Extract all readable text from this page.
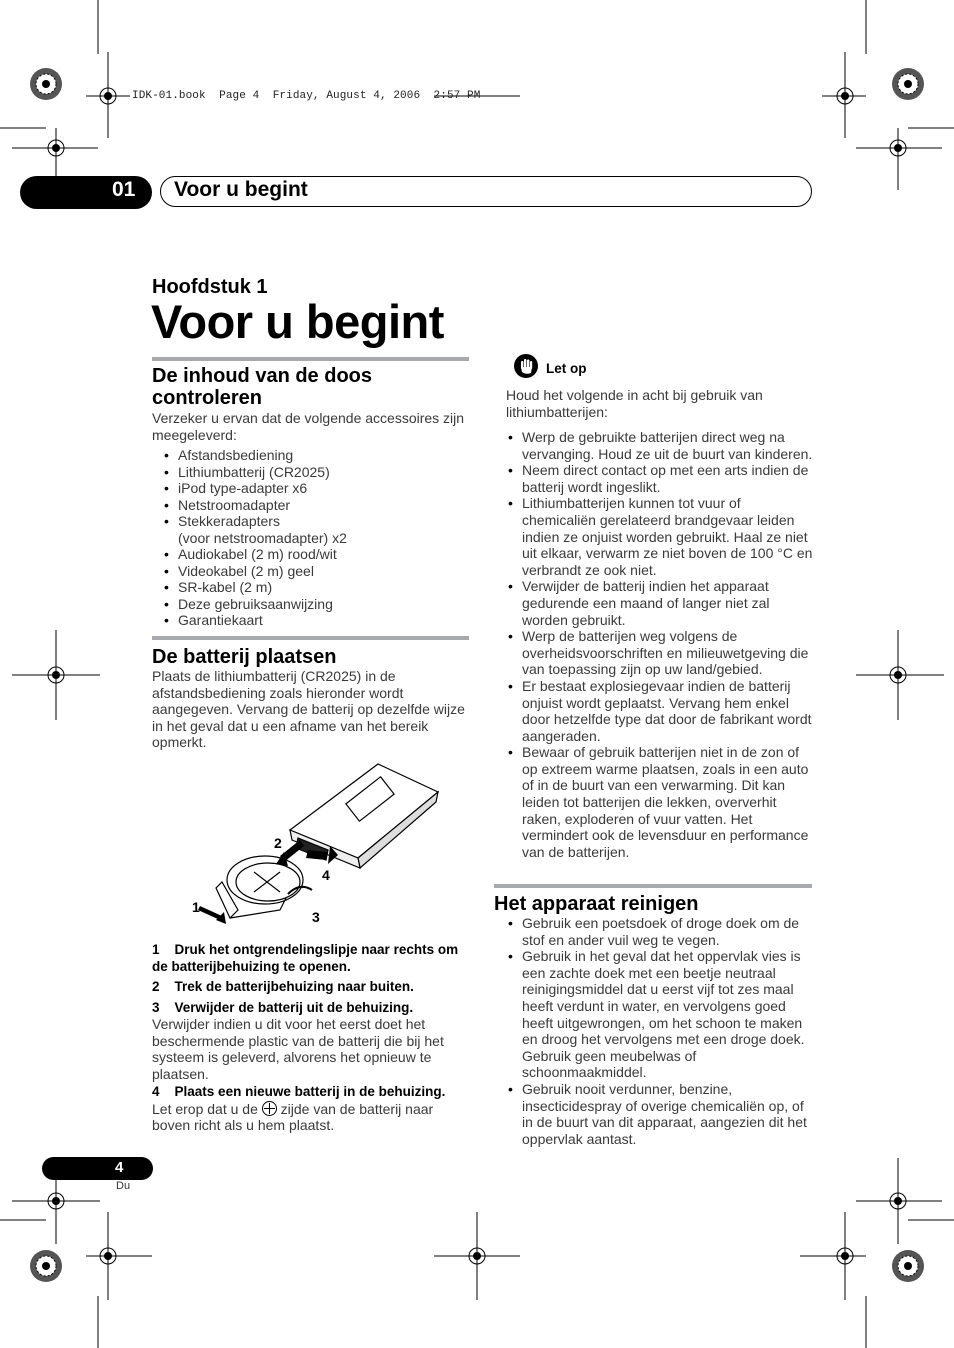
IDK-01.book  Page 4  Friday, August 4, 2006  2:57 PM
01 Voor u begint
Hoofdstuk 1
Voor u begint
De inhoud van de doos controleren
Verzeker u ervan dat de volgende accessoires zijn meegeleverd:
• Afstandsbediening
• Lithiumbatterij (CR2025)
• iPod type-adapter x6
• Netstroomadapter
• Stekkeradapters
(voor netstroomadapter) x2
• Audiokabel (2 m) rood/wit
• Videokabel (2 m) geel
• SR-kabel (2 m)
• Deze gebruiksaanwijzing
• Garantiekaart
De batterij plaatsen
Plaats de lithiumbatterij (CR2025) in de afstandsbediening zoals hieronder wordt aangegeven. Vervang de batterij op dezelfde wijze in het geval dat u een afname van het bereik opmerkt.
2
4
1
3
1 Druk het ontgrendelingslipje naar rechts om de batterijbehuizing te openen.
2 Trek de batterijbehuizing naar buiten.
3 Verwijder de batterij uit de behuizing.
Verwijder indien u dit voor het eerst doet het beschermende plastic van de batterij die bij het systeem is geleverd, alvorens het opnieuw te plaatsen.
4 Plaats een nieuwe batterij in de behuizing.
Let erop dat u de zijde van de batterij naar boven richt als u hem plaatst.
Let op
Houd het volgende in acht bij gebruik van lithiumbatterijen:
• Werp de gebruikte batterijen direct weg na vervanging. Houd ze uit de buurt van kinderen.
• Neem direct contact op met een arts indien de batterij wordt ingeslikt.
• Lithiumbatterijen kunnen tot vuur of chemicaliën gerelateerd brandgevaar leiden indien ze onjuist worden gebruikt. Haal ze niet uit elkaar, verwarm ze niet boven de 100 °C en verbrandt ze ook niet.
• Verwijder de batterij indien het apparaat gedurende een maand of langer niet zal worden gebruikt.
• Werp de batterijen weg volgens de overheidsvoorschriften en milieuwetgeving die van toepassing zijn op uw land/gebied.
• Er bestaat explosiegevaar indien de batterij onjuist wordt geplaatst. Vervang hem enkel door hetzelfde type dat door de fabrikant wordt aangeraden.
• Bewaar of gebruik batterijen niet in de zon of op extreem warme plaatsen, zoals in een auto of in de buurt van een verwarming. Dit kan leiden tot batterijen die lekken, oververhit raken, exploderen of vuur vatten. Het vermindert ook de levensduur en performance van de batterijen.
Het apparaat reinigen
• Gebruik een poetsdoek of droge doek om de stof en ander vuil weg te vegen.
• Gebruik in het geval dat het oppervlak vies is een zachte doek met een beetje neutraal reinigingsmiddel dat u eerst vijf tot zes maal heeft verdunt in water, en vervolgens goed heeft uitgewrongen, om het schoon te maken en droog het vervolgens met een droge doek. Gebruik geen meubelwas of schoonmaakmiddel.
• Gebruik nooit verdunner, benzine, insecticidespray of overige chemicaliën op, of in de buurt van dit apparaat, aangezien dit het oppervlak aantast.
4
Du
